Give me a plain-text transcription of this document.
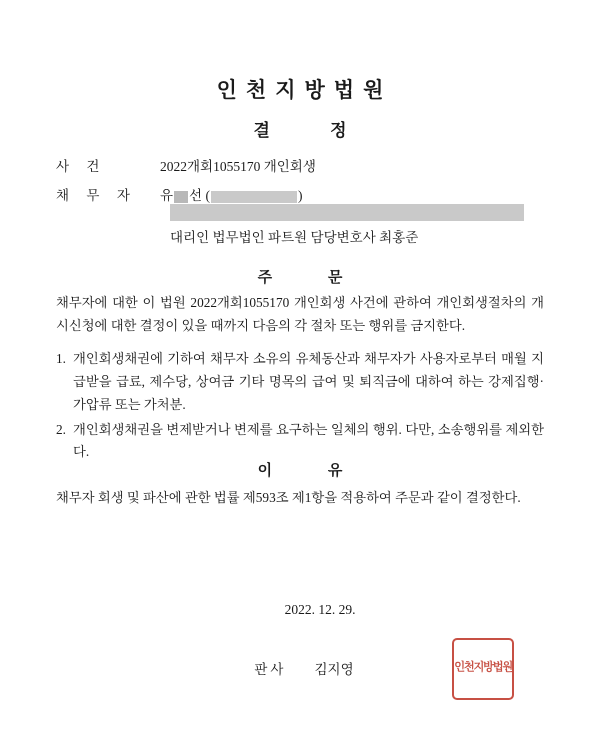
인천지방법원
결 정
사 건	2022개회1055170 개인회생
채 무 자 유 선 (	)
대리인 법무법인 파트원 담당변호사 최홍준
주 문
채무자에 대한 이 법원 2022개회1055170 개인회생 사건에 관하여 개인회생절차의 개시신청에 대한 결정이 있을 때까지 다음의 각 절차 또는 행위를 금지한다.
1. 개인회생채권에 기하여 채무자 소유의 유체동산과 채무자가 사용자로부터 매월 지급받을 급료, 제수당, 상여금 기타 명목의 급여 및 퇴직금에 대하여 하는 강제집행·가압류 또는 가처분.
2. 개인회생채권을 변제받거나 변제를 요구하는 일체의 행위. 다만, 소송행위를 제외한다.
이 유
채무자 회생 및 파산에 관한 법률 제593조 제1항을 적용하여 주문과 같이 결정한다.
2022. 12. 29.
판사 김지영	인천지방법원
